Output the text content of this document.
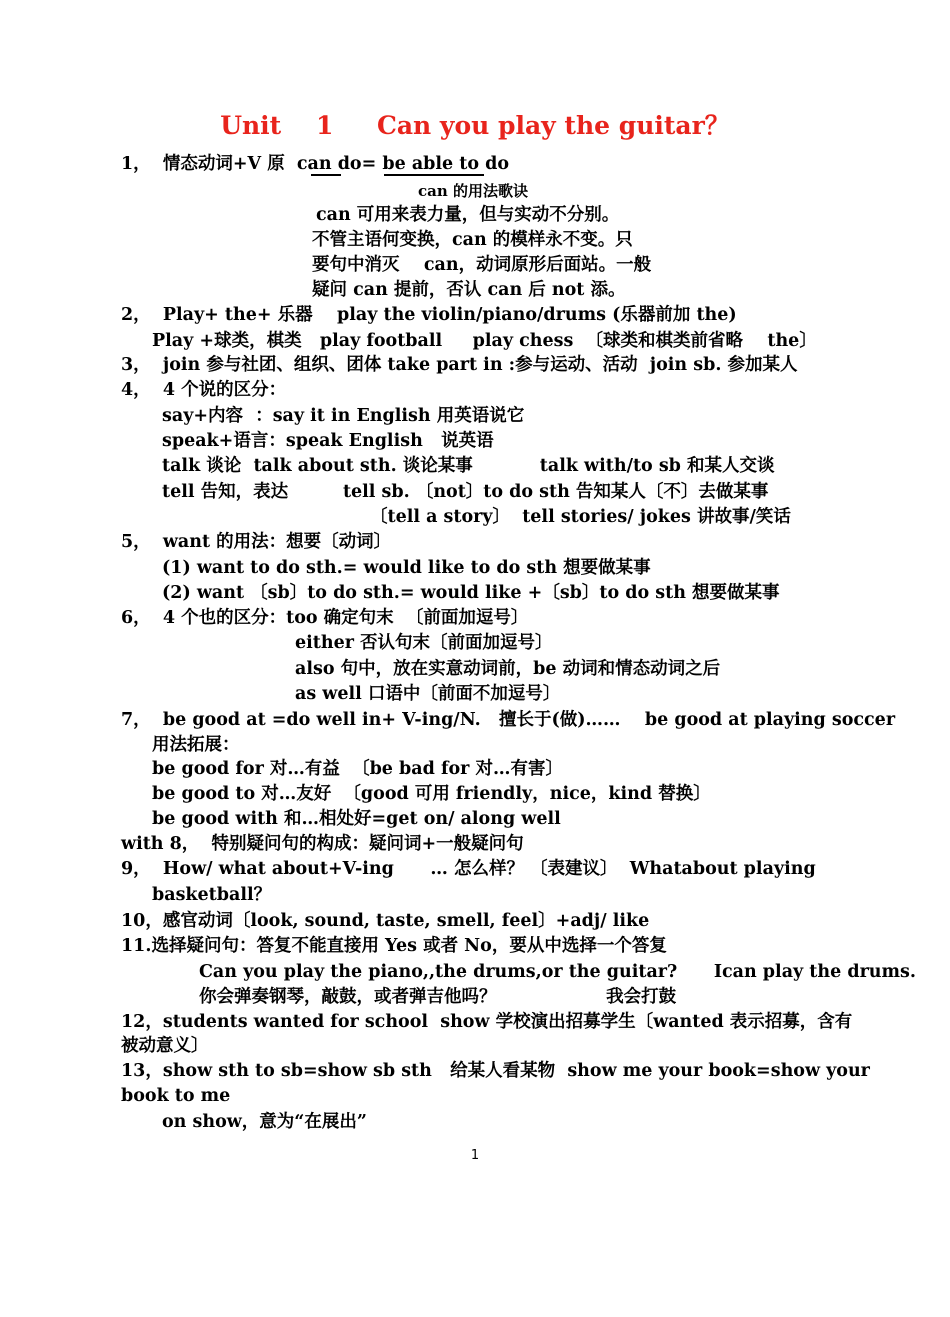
Unit    1     Can you play the guitar？
1，  情态动词+V 原  can do= be able to do
can 的用法歌诀
can 可用来表力量，但与实动不分别。
不管主语何变换，can 的模样永不变。只
要句中消灭    can，动词原形后面站。一般
疑问 can 提前，否认 can 后 not 添。
2，  Play+ the+ 乐器    play the violin/piano/drums (乐器前加 the)
Play +球类，棋类   play football     play chess  〔球类和棋类前省略    the〕
3，  join 参与社团、组织、团体 take part in :参与运动、活动  join sb. 参加某人
4，  4 个说的区分：
say+内容  ：say it in English 用英语说它
speak+语言：speak English   说英语
talk 谈论  talk about sth. 谈论某事           talk with/to sb 和某人交谈
tell 告知，表达         tell sb. 〔not〕to do sth 告知某人〔不〕去做某事
〔tell a story〕  tell stories/ jokes 讲故事/笑话
5，  want 的用法：想要〔动词〕
(1) want to do sth.= would like to do sth 想要做某事
(2) want 〔sb〕to do sth.= would like +〔sb〕to do sth 想要做某事
6，  4 个也的区分：too 确定句末  〔前面加逗号〕
either 否认句末〔前面加逗号〕
also 句中，放在实意动词前，be 动词和情态动词之后
as well 口语中〔前面不加逗号〕
7，  be good at =do well in+ V-ing/N.   擅长于(做)……    be good at playing soccer
用法拓展：
be good for 对…有益  〔be bad for 对…有害〕
be good to 对…友好  〔good 可用 friendly，nice，kind 替换〕
be good with 和…相处好=get on/ along well
with 8，  特别疑问句的构成：疑问词+一般疑问句
9，  How/ what about+V-ing      … 怎么样？ 〔表建议〕  Whatabout playing
basketball？
10，感官动词〔look, sound, taste, smell, feel〕+adj/ like
11.选择疑问句：答复不能直接用 Yes 或者 No，要从中选择一个答复
Can you play the piano,,the drums,or the guitar?      Ican play the drums.
你会弹奏钢琴，敲鼓，或者弹吉他吗？                  我会打鼓
12，students wanted for school  show 学校演出招募学生〔wanted 表示招募，含有
被动意义〕
13，show sth to sb=show sb sth   给某人看某物  show me your book=show your
book to me
on show，意为“在展出”
1
